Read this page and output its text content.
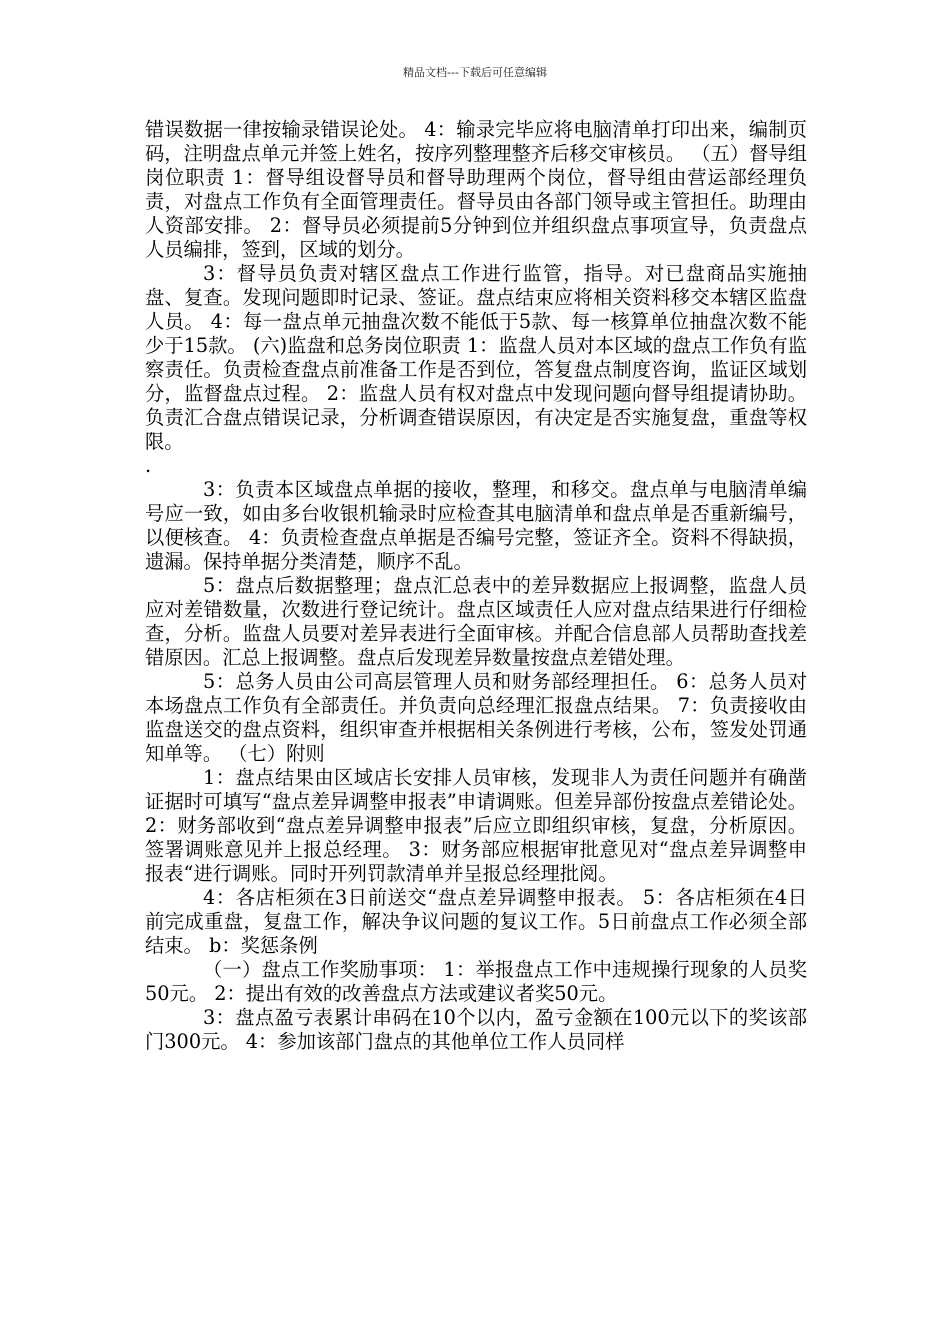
精品文档---下载后可任意编辑

错误数据一律按输录错误论处。 4：输录完毕应将电脑清单打印出来，编制页码，注明盘点单元并签上姓名，按序列整理整齐后移交审核员。 （五）督导组岗位职责 1：督导组设督导员和督导助理两个岗位，督导组由营运部经理负责，对盘点工作负有全面管理责任。督导员由各部门领导或主管担任。助理由人资部安排。 2：督导员必须提前5分钟到位并组织盘点事项宣导，负责盘点人员编排，签到，区域的划分。

3：督导员负责对辖区盘点工作进行监管，指导。对已盘商品实施抽盘、复查。发现问题即时记录、签证。盘点结束应将相关资料移交本辖区监盘人员。 4：每一盘点单元抽盘次数不能低于5款、每一核算单位抽盘次数不能少于15款。 (六)监盘和总务岗位职责 1：监盘人员对本区域的盘点工作负有监察责任。负责检查盘点前准备工作是否到位，答复盘点制度咨询，监证区域划分，监督盘点过程。 2：监盘人员有权对盘点中发现问题向督导组提请协助。负责汇合盘点错误记录，分析调查错误原因，有决定是否实施复盘，重盘等权限。

.

3：负责本区域盘点单据的接收，整理，和移交。盘点单与电脑清单编号应一致，如由多台收银机输录时应检查其电脑清单和盘点单是否重新编号，以便核查。 4：负责检查盘点单据是否编号完整，签证齐全。资料不得缺损，遗漏。保持单据分类清楚，顺序不乱。

5：盘点后数据整理；盘点汇总表中的差异数据应上报调整，监盘人员应对差错数量，次数进行登记统计。盘点区域责任人应对盘点结果进行仔细检查，分析。监盘人员要对差异表进行全面审核。并配合信息部人员帮助查找差错原因。汇总上报调整。盘点后发现差异数量按盘点差错处理。

5：总务人员由公司高层管理人员和财务部经理担任。 6：总务人员对本场盘点工作负有全部责任。并负责向总经理汇报盘点结果。 7：负责接收由监盘送交的盘点资料，组织审查并根据相关条例进行考核，公布，签发处罚通知单等。 （七）附则

1：盘点结果由区域店长安排人员审核，发现非人为责任问题并有确凿证据时可填写“盘点差异调整申报表”申请调账。但差异部份按盘点差错论处。 2：财务部收到“盘点差异调整申报表”后应立即组织审核，复盘，分析原因。签署调账意见并上报总经理。 3：财务部应根据审批意见对“盘点差异调整申报表“进行调账。同时开列罚款清单并呈报总经理批阅。

4：各店柜须在3日前送交“盘点差异调整申报表。 5：各店柜须在4日前完成重盘，复盘工作，解决争议问题的复议工作。5日前盘点工作必须全部结束。 b：奖惩条例

（一）盘点工作奖励事项： 1：举报盘点工作中违规操行现象的人员奖50元。 2：提出有效的改善盘点方法或建议者奖50元。

3：盘点盈亏表累计串码在10个以内，盈亏金额在100元以下的奖该部门300元。 4：参加该部门盘点的其他单位工作人员同样
